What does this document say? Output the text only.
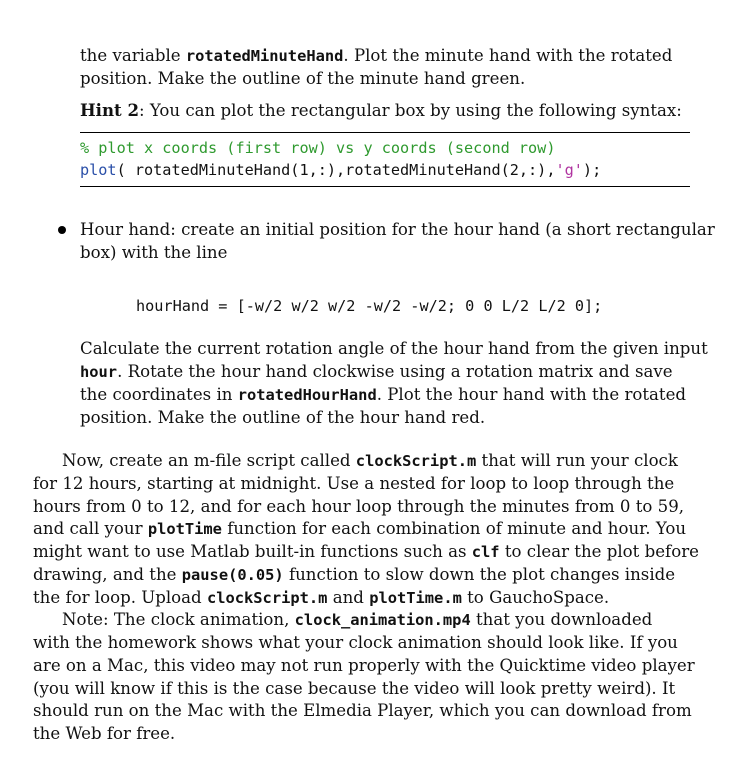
the variable rotatedMinuteHand. Plot the minute hand with the rotated
position. Make the outline of the minute hand green.
Hint 2: You can plot the rectangular box by using the following syntax:
% plot x coords (first row) vs y coords (second row)
plot( rotatedMinuteHand(1,:),rotatedMinuteHand(2,:),'g');
Hour hand: create an initial position for the hour hand (a short rectangular
box) with the line
hourHand = [-w/2 w/2 w/2 -w/2 -w/2; 0 0 L/2 L/2 0];
Calculate the current rotation angle of the hour hand from the given input
hour. Rotate the hour hand clockwise using a rotation matrix and save
the coordinates in rotatedHourHand. Plot the hour hand with the rotated
position. Make the outline of the hour hand red.
Now, create an m-file script called clockScript.m that will run your clock
for 12 hours, starting at midnight. Use a nested for loop to loop through the
hours from 0 to 12, and for each hour loop through the minutes from 0 to 59,
and call your plotTime function for each combination of minute and hour. You
might want to use Matlab built-in functions such as clf to clear the plot before
drawing, and the pause(0.05) function to slow down the plot changes inside
the for loop. Upload clockScript.m and plotTime.m to GauchoSpace.
Note: The clock animation, clock_animation.mp4 that you downloaded
with the homework shows what your clock animation should look like. If you
are on a Mac, this video may not run properly with the Quicktime video player
(you will know if this is the case because the video will look pretty weird). It
should run on the Mac with the Elmedia Player, which you can download from
the Web for free.
